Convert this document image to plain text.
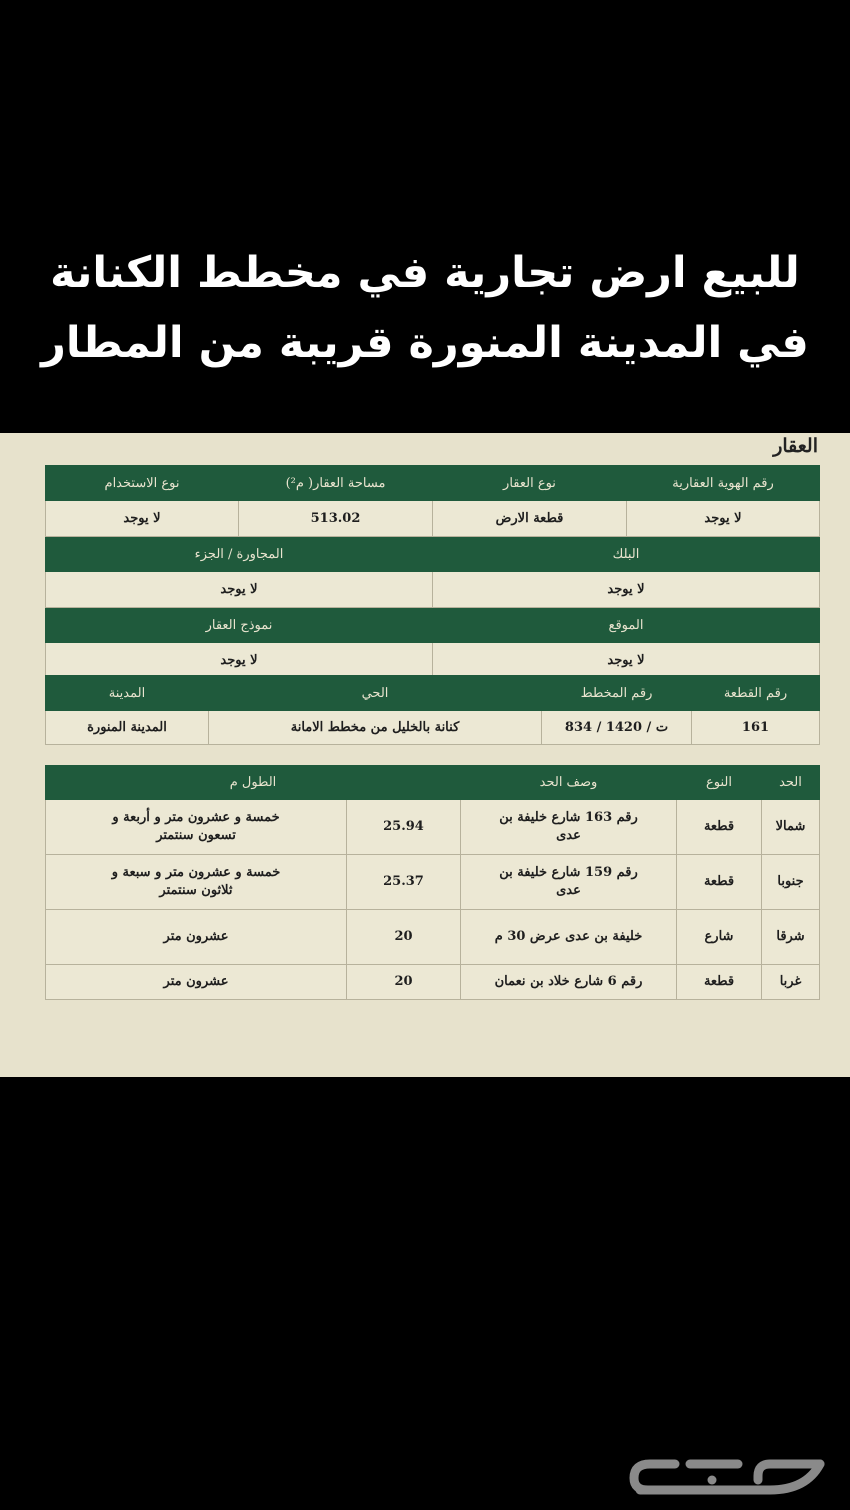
للبيع ارض تجارية في مخطط الكنانة
في المدينة المنورة قريبة من المطار
العقار
رقم الهوية العقارية	نوع العقار	مساحة العقار( م²)	نوع الاستخدام
لا يوجد	قطعة الارض	513.02	لا يوجد
البلك		المجاورة / الجزء	
لا يوجد		لا يوجد	
الموقع		نموذج العقار	
لا يوجد		لا يوجد	
رقم القطعة	رقم المخطط	الحي	المدينة
161	834 / ت / 1420	كنانة بالخليل من مخطط الامانة	المدينة المنورة
الحد	النوع	وصف الحد	الطول م	
شمالا	قطعة	رقم 163 شارع خليفة بن عدى	25.94	خمسة و عشرون متر و أربعة و تسعون سنتمتر
جنوبا	قطعة	رقم 159 شارع خليفة بن عدى	25.37	خمسة و عشرون متر و سبعة و ثلاثون سنتمتر
شرقا	شارع	خليفة بن عدى عرض 30 م	20	عشرون متر
غربا	قطعة	رقم 6 شارع خلاد بن نعمان	20	عشرون متر
